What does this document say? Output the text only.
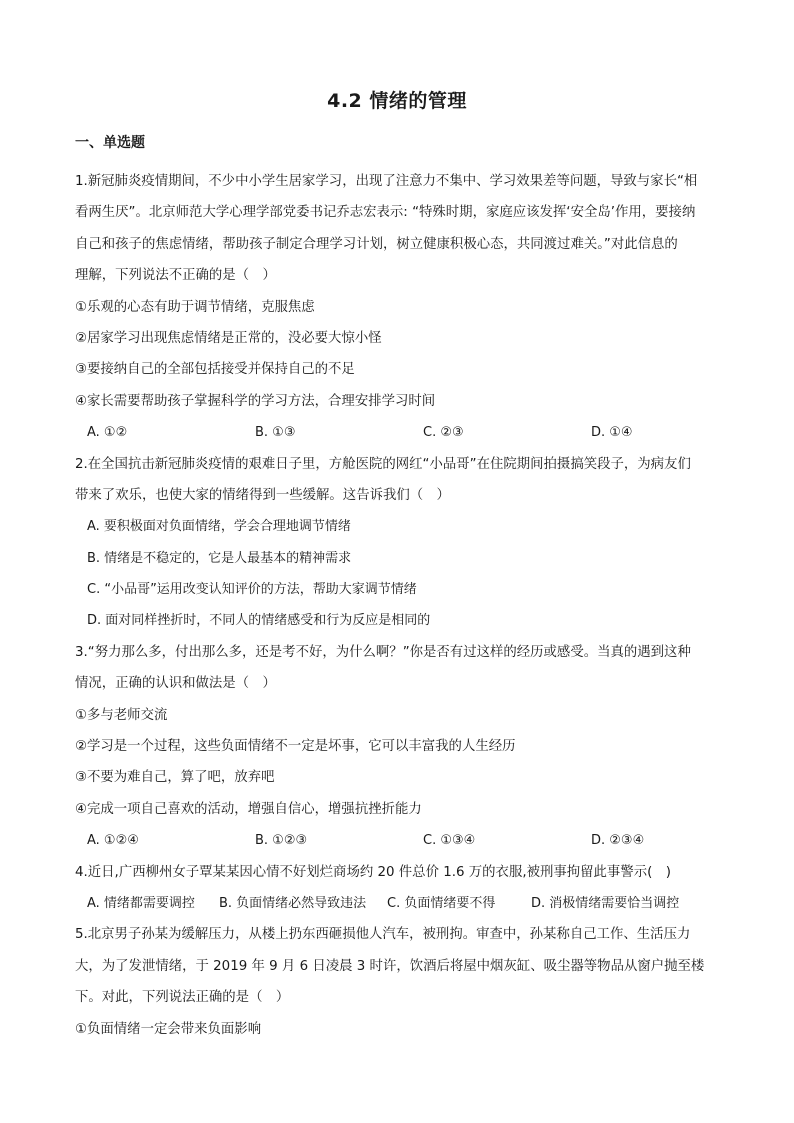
4.2 情绪的管理
一、单选题
1.新冠肺炎疫情期间，不少中小学生居家学习，出现了注意力不集中、学习效果差等问题，导致与家长“相
看两生厌”。北京师范大学心理学部党委书记乔志宏表示: “特殊时期，家庭应该发挥‘安全岛’作用，要接纳
自己和孩子的焦虑情绪，帮助孩子制定合理学习计划，树立健康积极心态，共同渡过难关。”对此信息的
理解，下列说法不正确的是（　）
①乐观的心态有助于调节情绪，克服焦虑
②居家学习出现焦虑情绪是正常的，没必要大惊小怪
③要接纳自己的全部包括接受并保持自己的不足
④家长需要帮助孩子掌握科学的学习方法，合理安排学习时间
A. ①②	B. ①③	C. ②③	D. ①④
2.在全国抗击新冠肺炎疫情的艰难日子里，方舱医院的网红“小品哥”在住院期间拍摄搞笑段子，为病友们
带来了欢乐，也使大家的情绪得到一些缓解。这告诉我们（　）
A. 要积极面对负面情绪，学会合理地调节情绪
B. 情绪是不稳定的，它是人最基本的精神需求
C. “小品哥”运用改变认知评价的方法，帮助大家调节情绪
D. 面对同样挫折时，不同人的情绪感受和行为反应是相同的
3.“努力那么多，付出那么多，还是考不好，为什么啊？”你是否有过这样的经历或感受。当真的遇到这种
情况，正确的认识和做法是（　）
①多与老师交流
②学习是一个过程，这些负面情绪不一定是坏事，它可以丰富我的人生经历
③不要为难自己，算了吧，放弃吧
④完成一项自己喜欢的活动，增强自信心，增强抗挫折能力
A. ①②④	B. ①②③	C. ①③④	D. ②③④
4.近日,广西柳州女子覃某某因心情不好划烂商场约 20 件总价 1.6 万的衣服,被刑事拘留此事警示(　)
A. 情绪都需要调控 B. 负面情绪必然导致违法 C. 负面情绪要不得	D. 消极情绪需要恰当调控
5.北京男子孙某为缓解压力，从楼上扔东西砸损他人汽车，被刑拘。审查中，孙某称自己工作、生活压力
大，为了发泄情绪，于 2019 年 9 月 6 日凌晨 3 时许，饮酒后将屋中烟灰缸、吸尘器等物品从窗户抛至楼
下。对此，下列说法正确的是（　）
①负面情绪一定会带来负面影响
